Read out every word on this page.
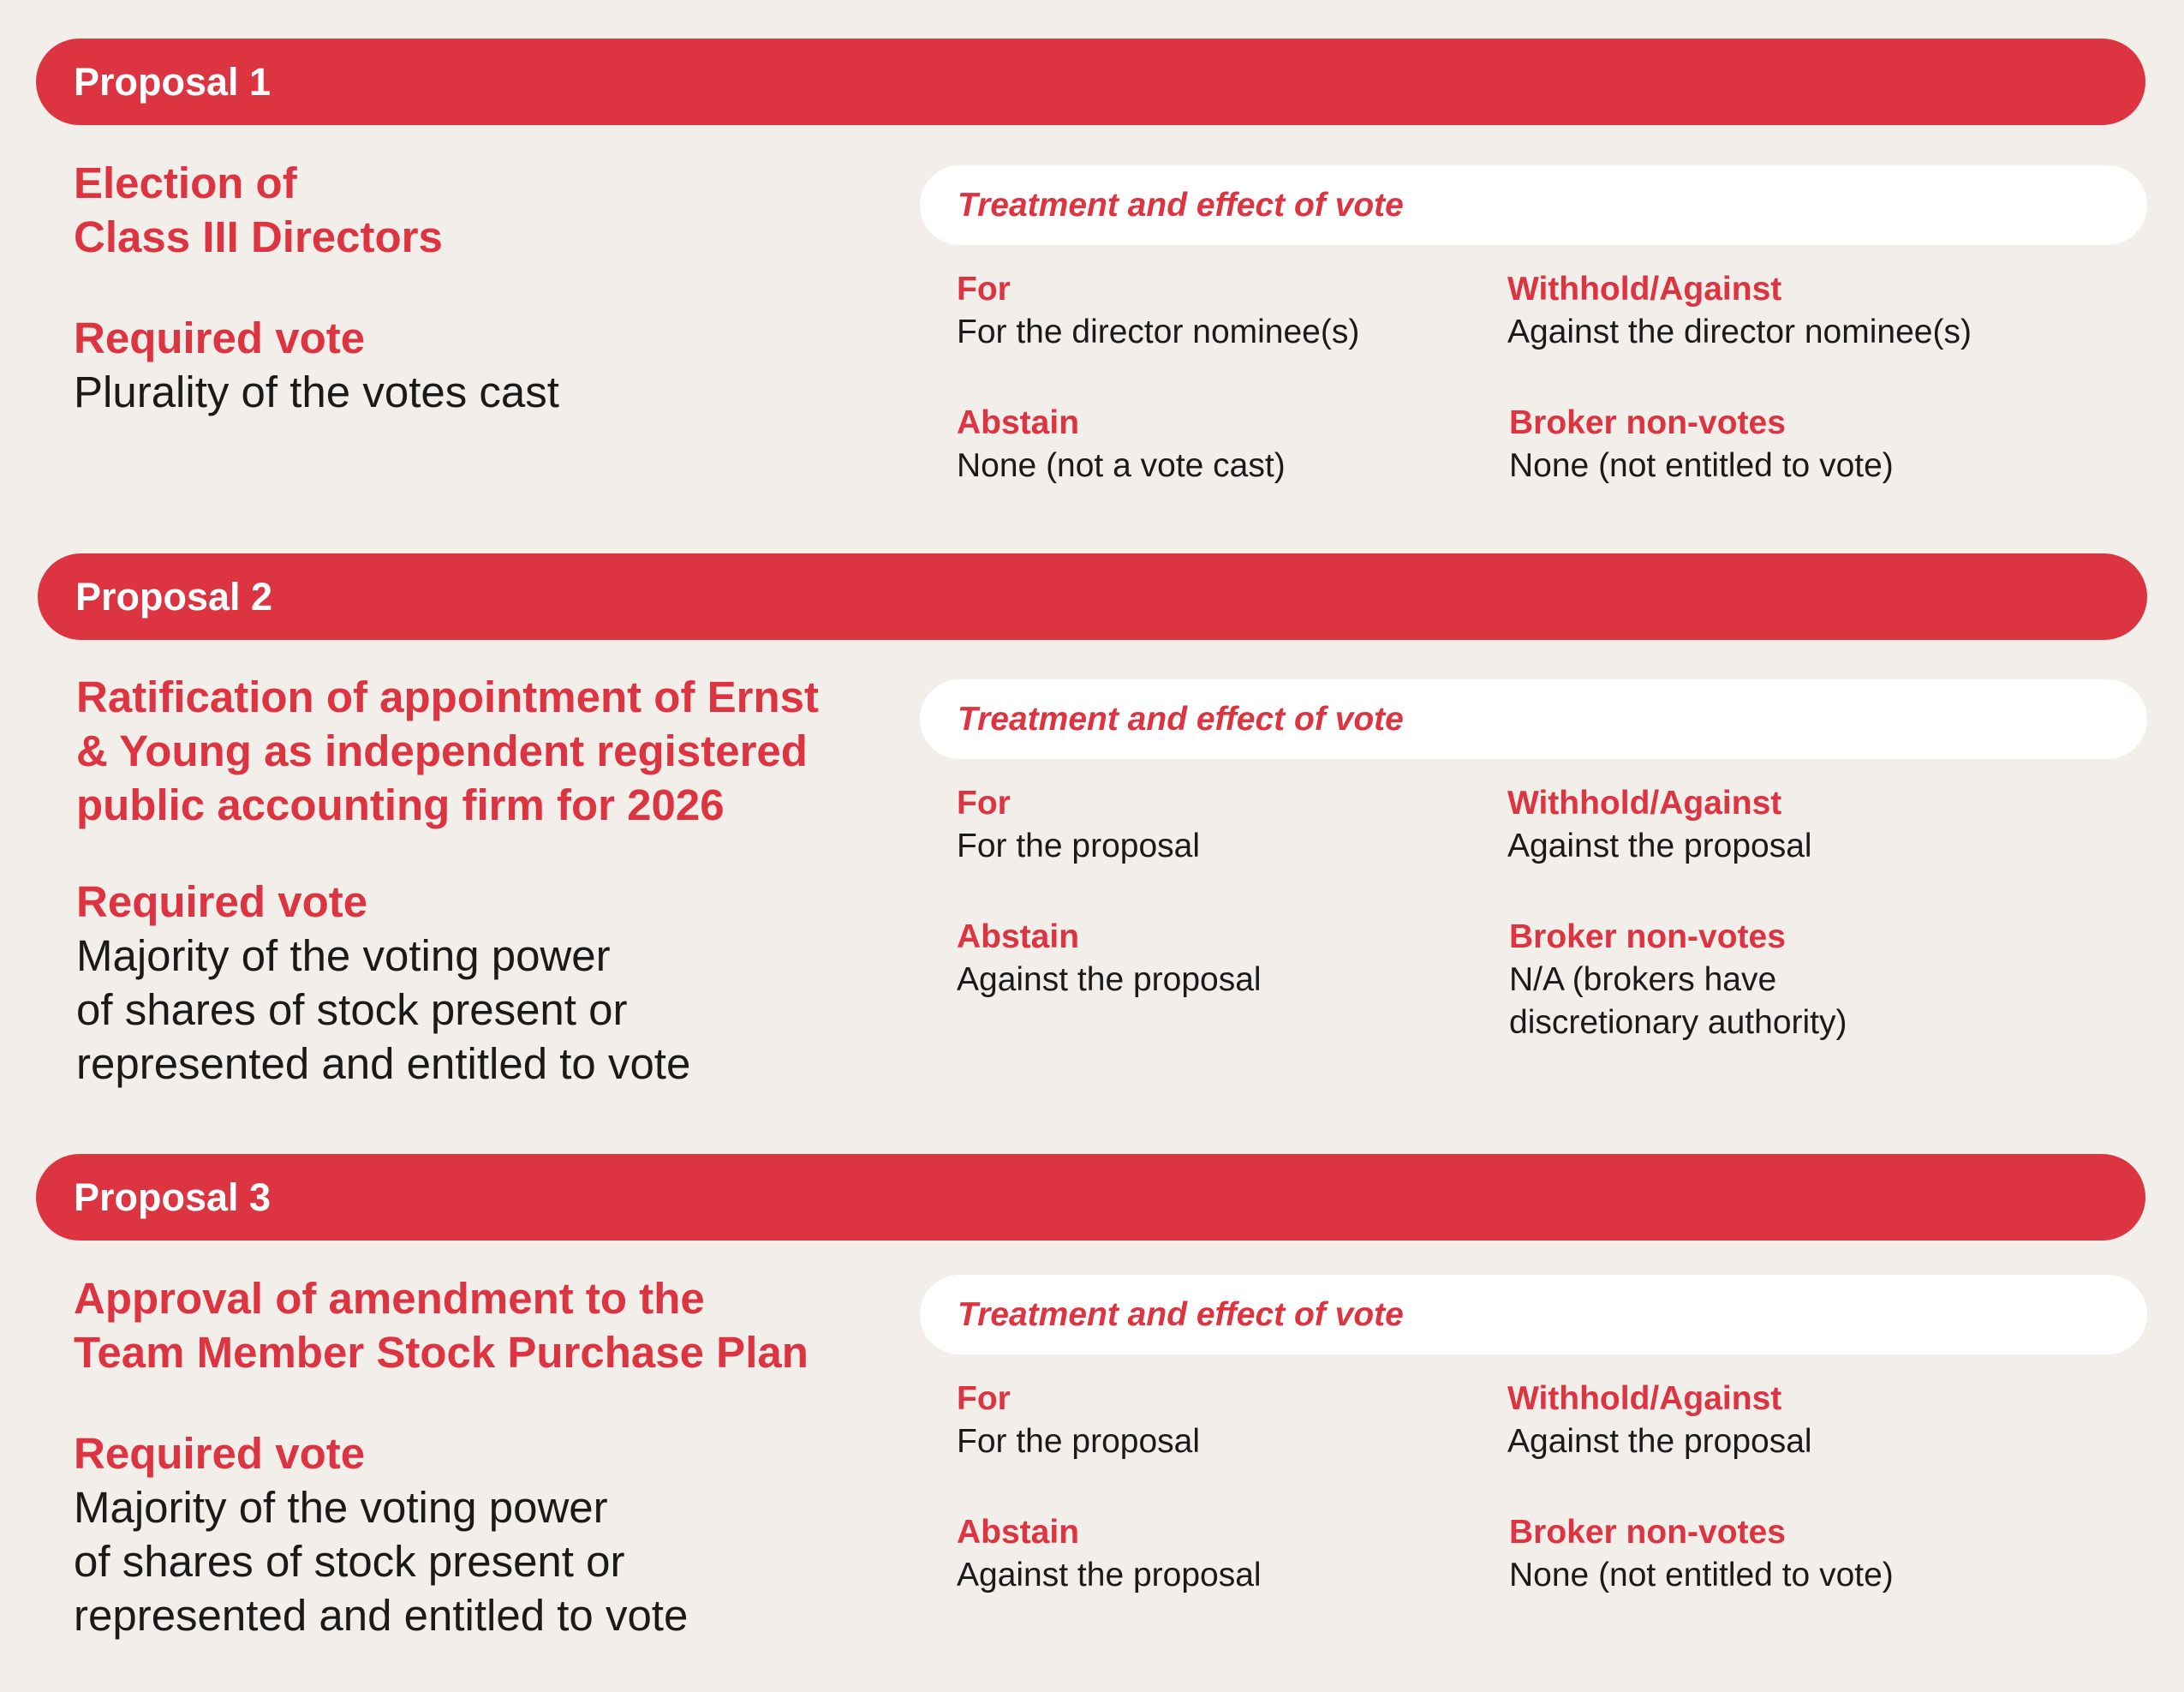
Proposal 1
Election of
Class III Directors
Required vote
Plurality of the votes cast
Treatment and effect of vote
For
For the director nominee(s)
Withhold/Against
Against the director nominee(s)
Abstain
None (not a vote cast)
Broker non-votes
None (not entitled to vote)
Proposal 2
Ratification of appointment of Ernst
& Young as independent registered
public accounting firm for 2026
Required vote
Majority of the voting power
of shares of stock present or
represented and entitled to vote
Treatment and effect of vote
For
For the proposal
Withhold/Against
Against the proposal
Abstain
Against the proposal
Broker non-votes
N/A (brokers have
discretionary authority)
Proposal 3
Approval of amendment to the
Team Member Stock Purchase Plan
Required vote
Majority of the voting power
of shares of stock present or
represented and entitled to vote
Treatment and effect of vote
For
For the proposal
Withhold/Against
Against the proposal
Abstain
Against the proposal
Broker non-votes
None (not entitled to vote)
